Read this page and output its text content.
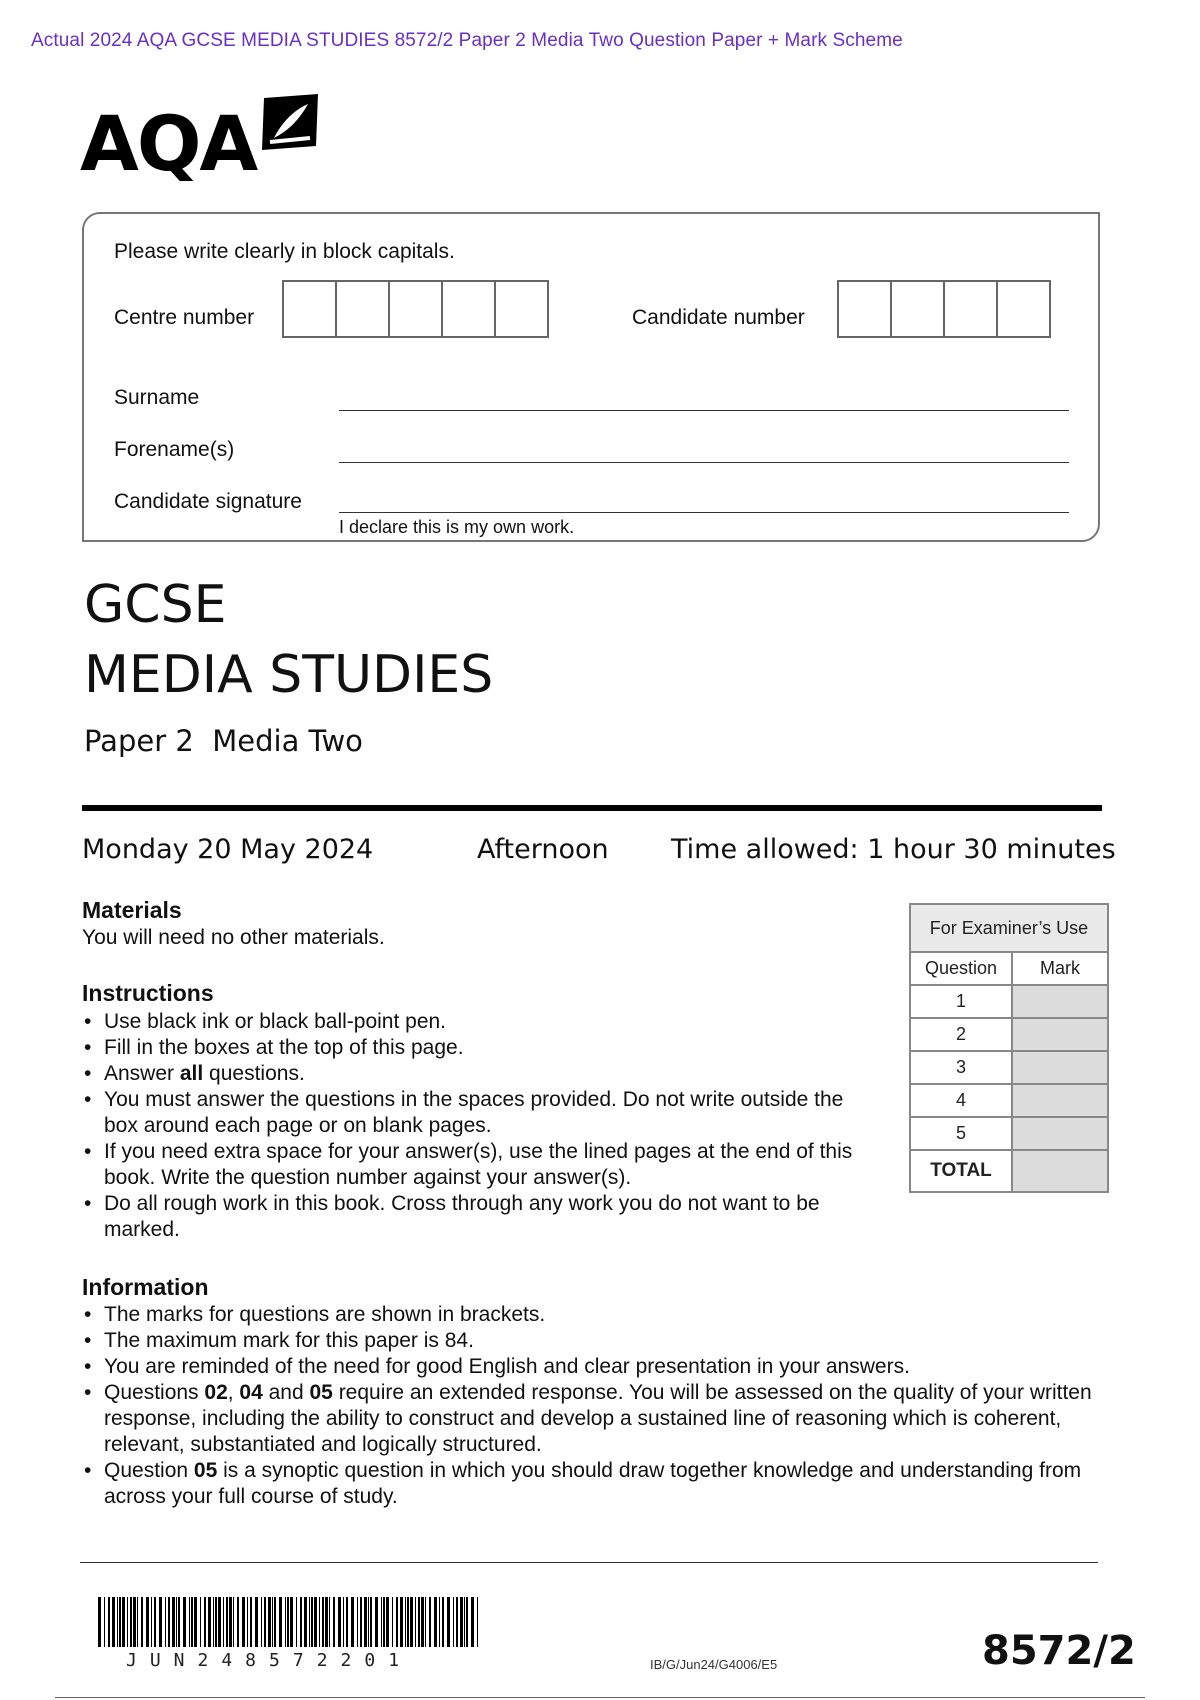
Actual 2024 AQA GCSE MEDIA STUDIES 8572/2 Paper 2 Media Two Question Paper + Mark Scheme
AQA
Please write clearly in block capitals.
Centre number	Candidate number
Surname
Forename(s)
Candidate signature
I declare this is my own work.
GCSE
MEDIA STUDIES
Paper 2  Media Two
Monday 20 May 2024	Afternoon Time allowed: 1 hour 30 minutes
Materials
You will need no other materials.
Instructions
• Use black ink or black ball-point pen.
• Fill in the boxes at the top of this page.
• Answer all questions.
• You must answer the questions in the spaces provided. Do not write outside the box around each page or on blank pages.
• If you need extra space for your answer(s), use the lined pages at the end of this book. Write the question number against your answer(s).
• Do all rough work in this book. Cross through any work you do not want to be marked.
For Examiner’s Use	
Question	Mark
1	
2	
3	
4	
5	
TOTAL	
Information
• The marks for questions are shown in brackets.
• The maximum mark for this paper is 84.
• You are reminded of the need for good English and clear presentation in your answers.
• Questions 02, 04 and 05 require an extended response. You will be assessed on the quality of your written response, including the ability to construct and develop a sustained line of reasoning which is coherent, relevant, substantiated and logically structured.
• Question 05 is a synoptic question in which you should draw together knowledge and understanding from across your full course of study.
JUN248572201	IB/G/Jun24/G4006/E5	8572/2
